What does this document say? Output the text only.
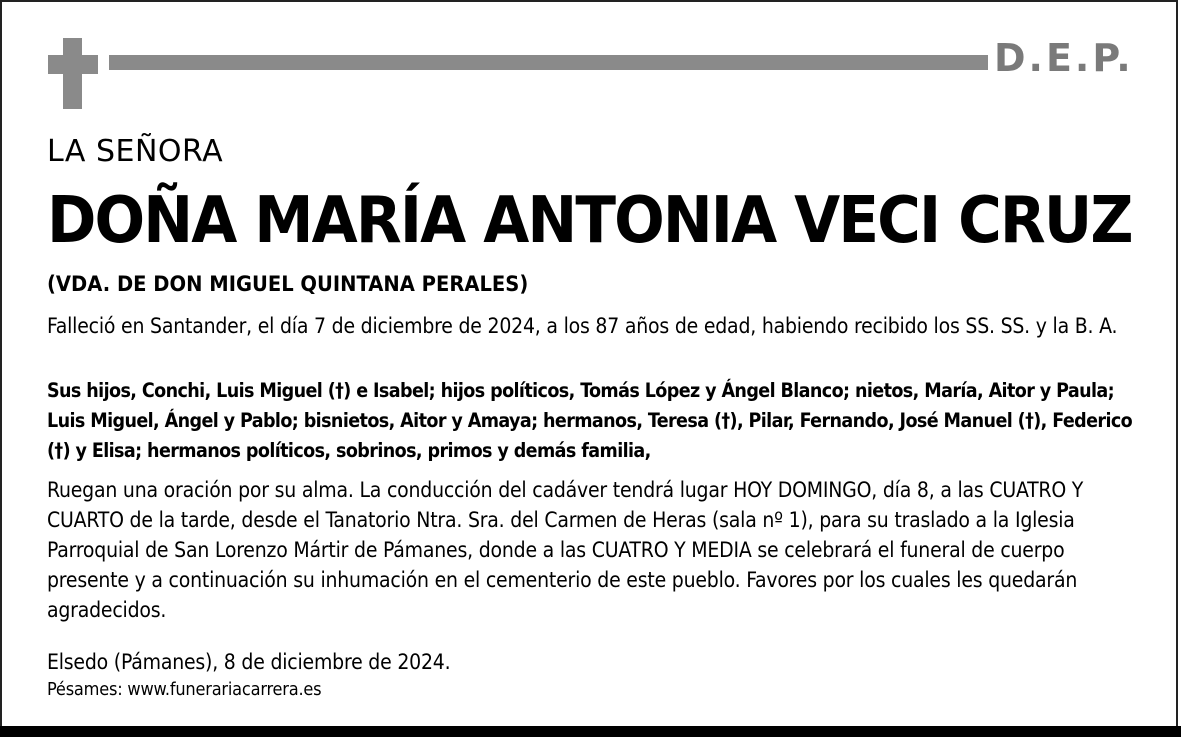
D.E.P.
LA SEÑORA
DOÑA MARÍA ANTONIA VECI CRUZ
(VDA. DE DON MIGUEL QUINTANA PERALES)
Falleció en Santander, el día 7 de diciembre de 2024, a los 87 años de edad, habiendo recibido los SS. SS. y la B. A.
Sus hijos, Conchi, Luis Miguel (†) e Isabel; hijos políticos, Tomás López y Ángel Blanco; nietos, María, Aitor y Paula; Luis Miguel, Ángel y Pablo; bisnietos, Aitor y Amaya; hermanos, Teresa (†), Pilar, Fernando, José Manuel (†), Federico (†) y Elisa; hermanos políticos, sobrinos, primos y demás familia,
Ruegan una oración por su alma. La conducción del cadáver tendrá lugar HOY DOMINGO, día 8, a las CUATRO Y CUARTO de la tarde, desde el Tanatorio Ntra. Sra. del Carmen de Heras (sala nº 1), para su traslado a la Iglesia Parroquial de San Lorenzo Mártir de Pámanes, donde a las CUATRO Y MEDIA se celebrará el funeral de cuerpo presente y a continuación su inhumación en el cementerio de este pueblo. Favores por los cuales les quedarán agradecidos.
Elsedo (Pámanes), 8 de diciembre de 2024.
Pésames: www.funerariacarrera.es
